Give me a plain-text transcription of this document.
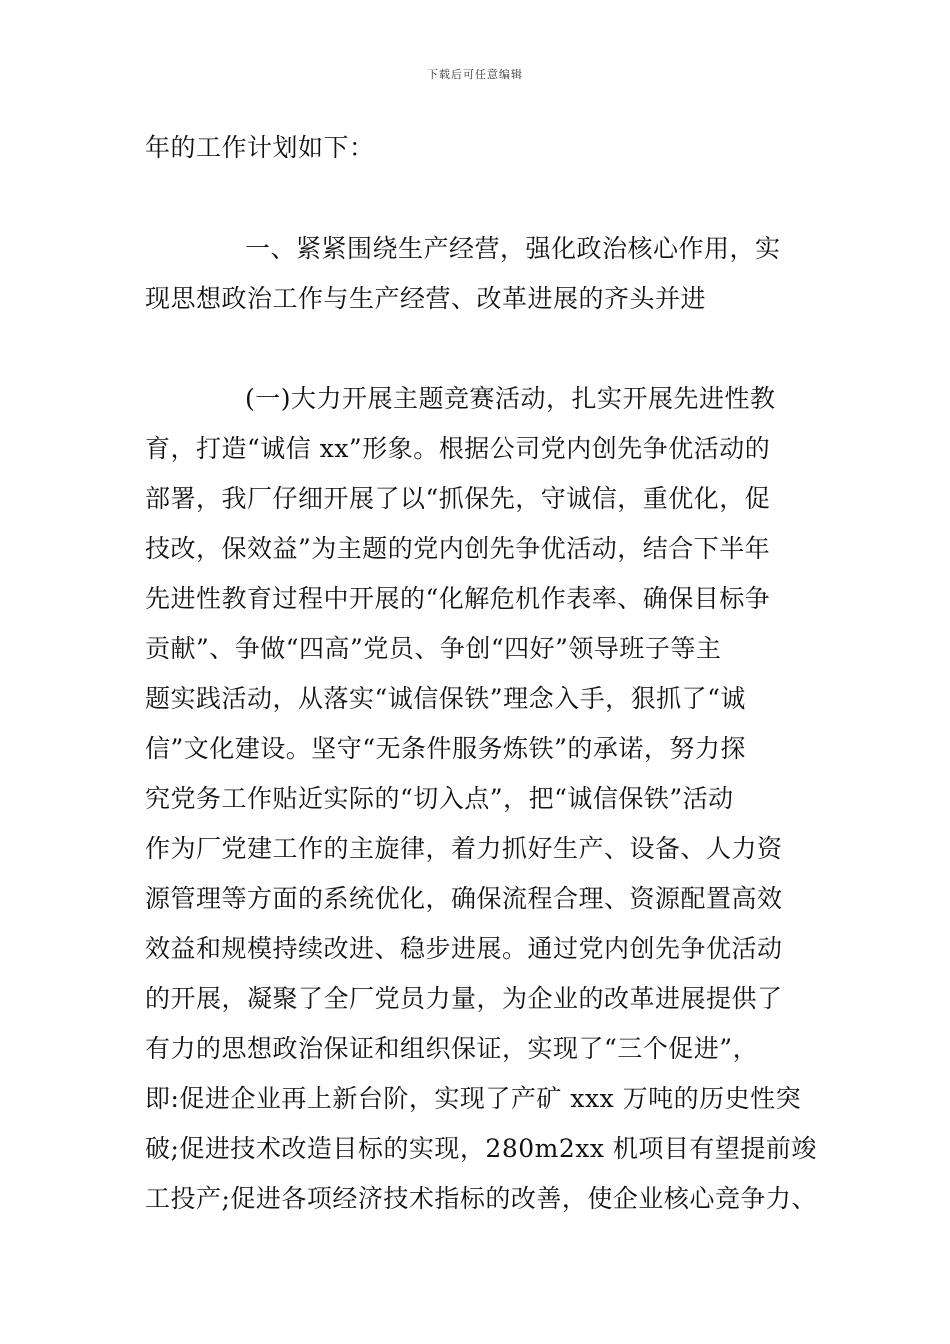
下载后可任意编辑
年的工作计划如下：
一、紧紧围绕生产经营，强化政治核心作用，实
现思想政治工作与生产经营、改革进展的齐头并进
(一)大力开展主题竞赛活动，扎实开展先进性教
育，打造“诚信 xx”形象。根据公司党内创先争优活动的
部署，我厂仔细开展了以“抓保先，守诚信，重优化，促
技改，保效益”为主题的党内创先争优活动，结合下半年
先进性教育过程中开展的“化解危机作表率、确保目标争
贡献”、争做“四高”党员、争创“四好”领导班子等主
题实践活动，从落实“诚信保铁”理念入手，狠抓了“诚
信”文化建设。坚守“无条件服务炼铁”的承诺，努力探
究党务工作贴近实际的“切入点”，把“诚信保铁”活动
作为厂党建工作的主旋律，着力抓好生产、设备、人力资
源管理等方面的系统优化，确保流程合理、资源配置高效
效益和规模持续改进、稳步进展。通过党内创先争优活动
的开展，凝聚了全厂党员力量，为企业的改革进展提供了
有力的思想政治保证和组织保证，实现了“三个促进”，
即:促进企业再上新台阶，实现了产矿 xxx 万吨的历史性突
破;促进技术改造目标的实现，280m2xx 机项目有望提前竣
工投产;促进各项经济技术指标的改善，使企业核心竞争力、
